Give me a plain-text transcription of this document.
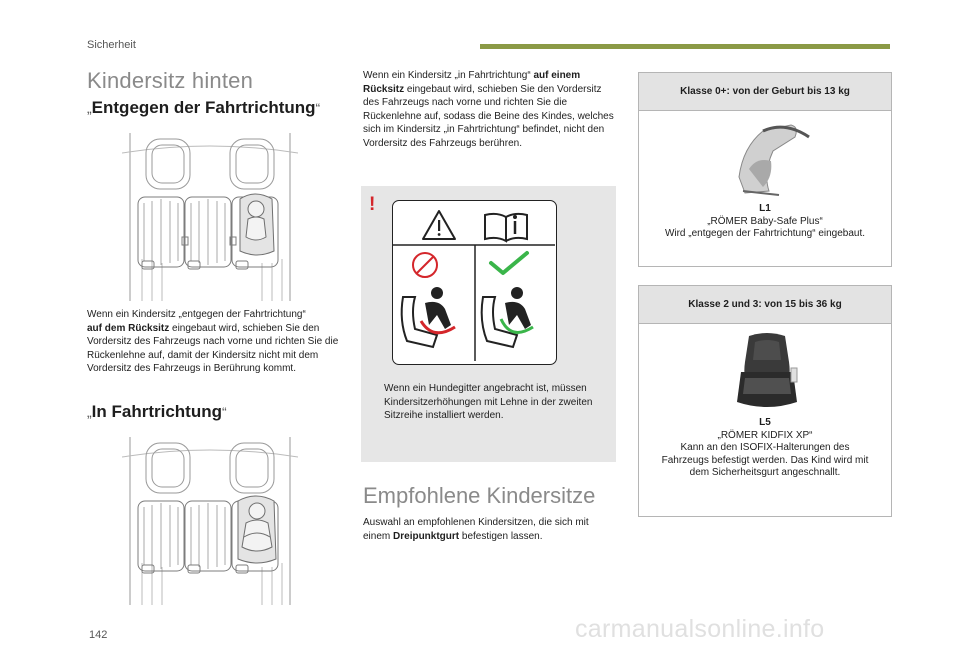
Sicherheit
Kindersitz hinten
„Entgegen der Fahrtrichtung“
Wenn ein Kindersitz „entgegen der Fahrtrichtung“
auf dem Rücksitz eingebaut wird, schieben Sie den Vordersitz des Fahrzeugs nach vorne und richten Sie die Rückenlehne auf, damit der Kindersitz nicht mit dem Vordersitz des Fahrzeugs in Berührung kommt.
„In Fahrtrichtung“
Wenn ein Kindersitz „in Fahrtrichtung“ auf einem Rücksitz eingebaut wird, schieben Sie den Vordersitz des Fahrzeugs nach vorne und richten Sie die Rückenlehne auf, sodass die Beine des Kindes, welches sich im Kindersitz „in Fahrtrichtung“ befindet, nicht den Vordersitz des Fahrzeugs berühren.
!
Wenn ein Hundegitter angebracht ist, müssen Kindersitzerhöhungen mit Lehne in der zweiten Sitzreihe installiert werden.
Empfohlene Kindersitze
Auswahl an empfohlenen Kindersitzen, die sich mit einem Dreipunktgurt befestigen lassen.
Klasse 0+: von der Geburt bis 13 kg
L1
„RÖMER Baby-Safe Plus“
Wird „entgegen der Fahrtrichtung“ eingebaut.
Klasse 2 und 3: von 15 bis 36 kg
L5
„RÖMER KIDFIX XP“
Kann an den ISOFIX-Halterungen des Fahrzeugs befestigt werden. Das Kind wird mit dem Sicherheitsgurt angeschnallt.
142	carmanualsonline.info
